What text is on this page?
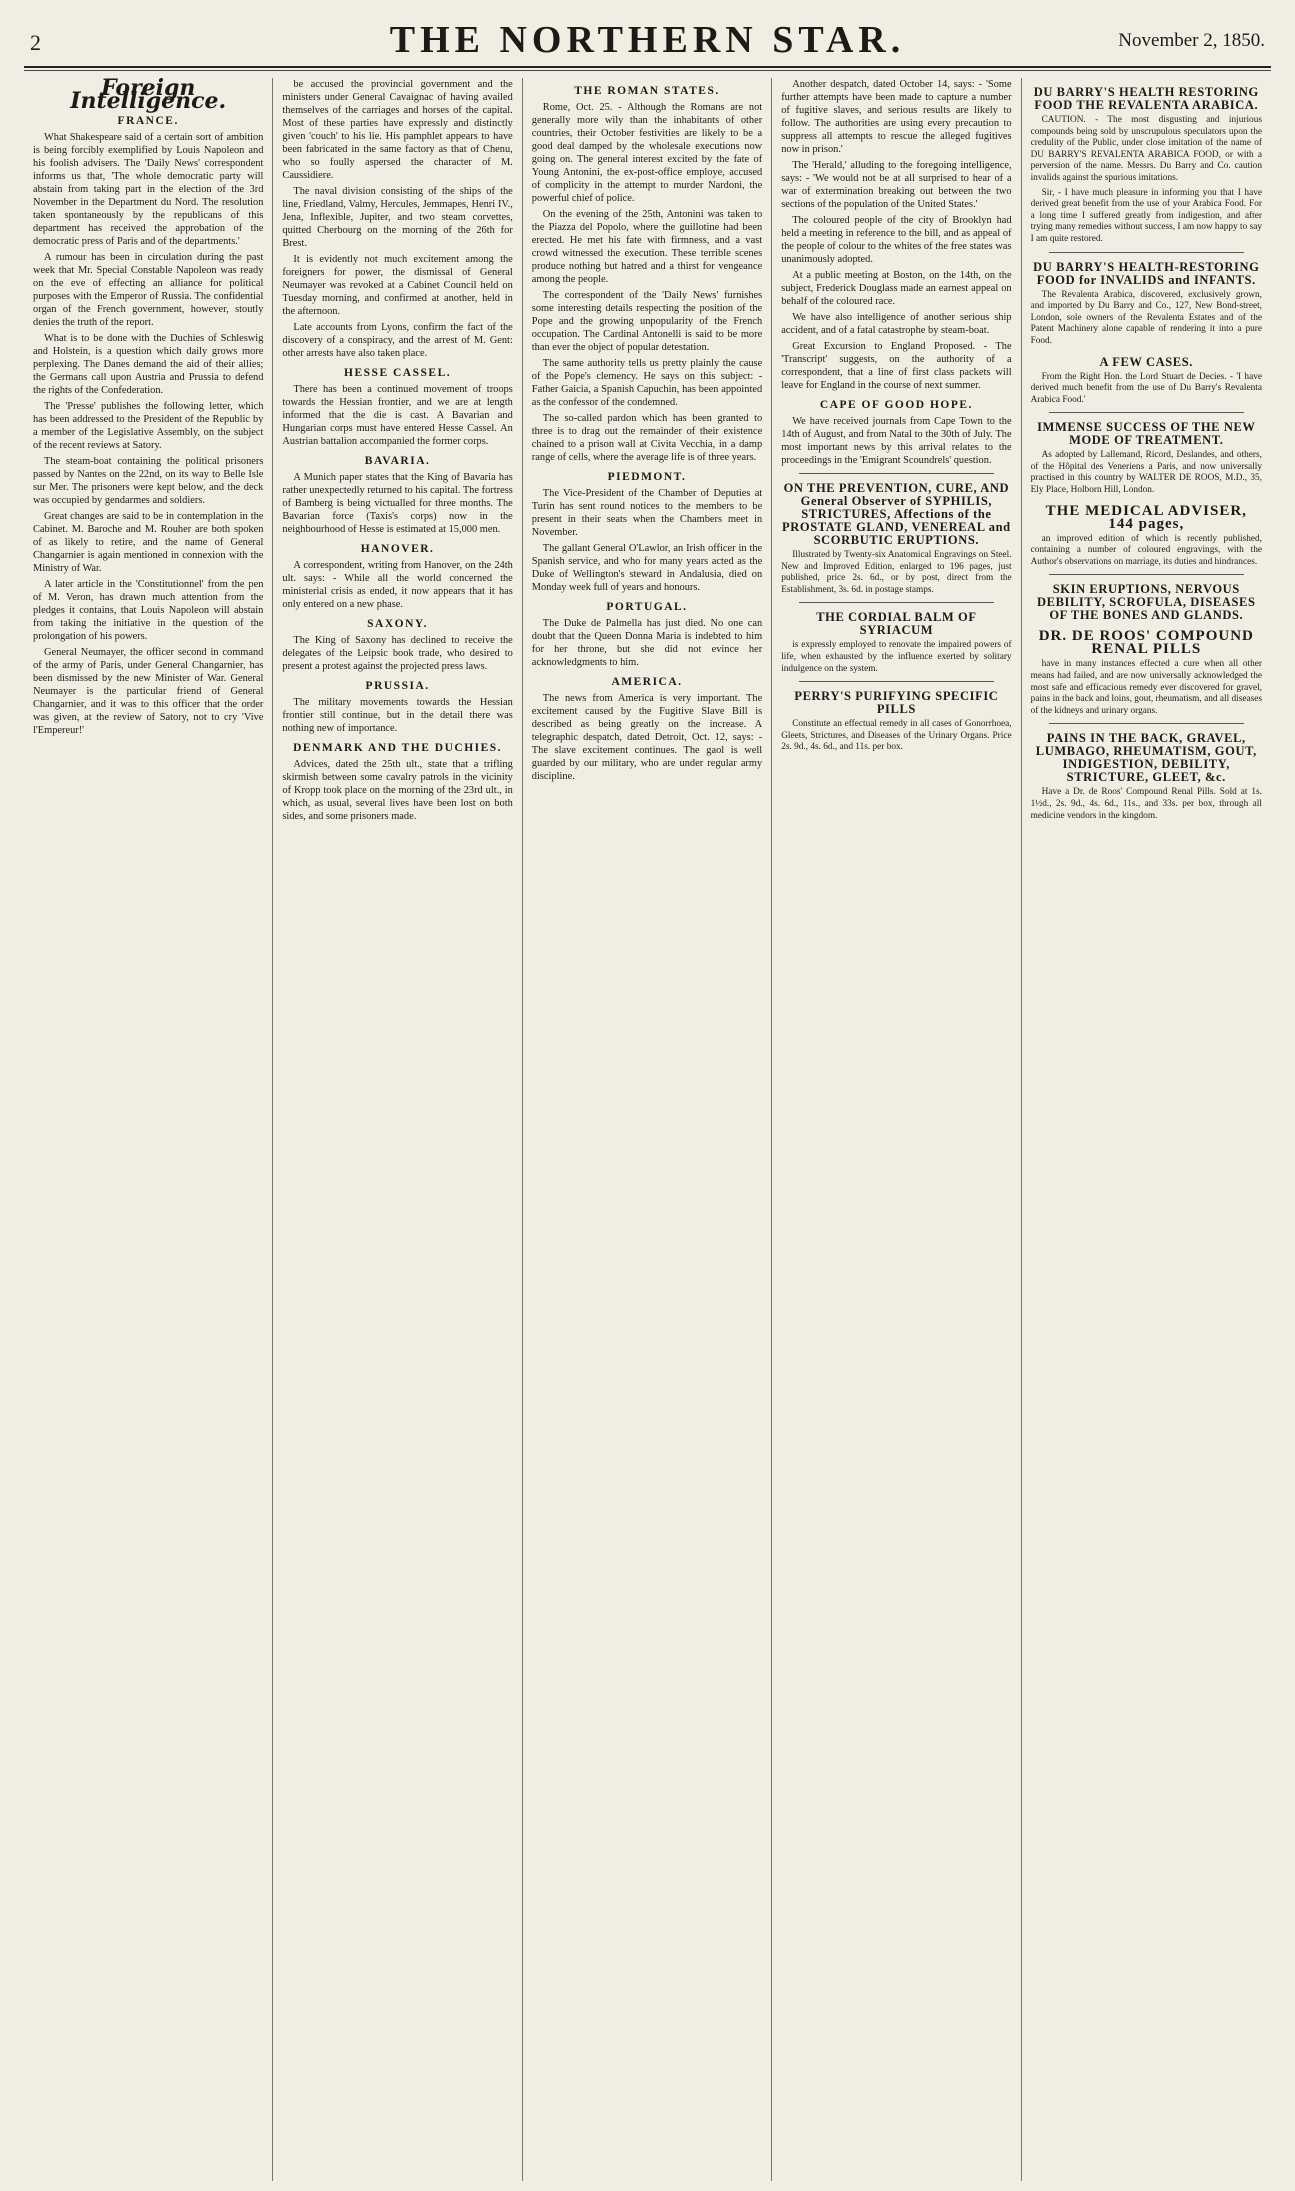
2	THE NORTHERN STAR.	November 2, 1850.
Foreign Intelligence.
FRANCE.

What Shakespeare said of a certain sort of ambition is being forcibly exemplified by Louis Napoleon and his foolish advisers. The 'Daily News' correspondent informs us that, 'The whole democratic party will abstain from taking part in the election of the 3rd November in the Department du Nord. The resolution taken spontaneously by the republicans of this department has received the approbation of the democratic press of Paris and of the departments.'

A rumour has been in circulation during the past week that Mr. Special Constable Napoleon was ready on the eve of effecting an alliance for political purposes with the Emperor of Russia. The confidential organ of the French government, however, stoutly denies the truth of the report.

What is to be done with the Duchies of Schleswig and Holstein, is a question which daily grows more perplexing. The Danes demand the aid of their allies; the Germans call upon Austria and Prussia to defend the rights of the Confederation.

The 'Presse' publishes the following letter, which has been addressed to the President of the Republic by a member of the Legislative Assembly, on the subject of the recent reviews at Satory.

The steam-boat containing the political prisoners passed by Nantes on the 22nd, on its way to Belle Isle sur Mer. The prisoners were kept below, and the deck was occupied by gendarmes and soldiers.

Great changes are said to be in contemplation in the Cabinet. M. Baroche and M. Rouher are both spoken of as likely to retire, and the name of General Changarnier is again mentioned in connexion with the Ministry of War.

A later article in the 'Constitutionnel' from the pen of M. Veron, has drawn much attention from the pledges it contains, that Louis Napoleon will abstain from taking the initiative in the question of the prolongation of his powers.

General Neumayer, the officer second in command of the army of Paris, under General Changarnier, has been dismissed by the new Minister of War. General Neumayer is the particular friend of General Changarnier, and it was to this officer that the order was given, at the review of Satory, not to cry 'Vive l'Empereur!'

be accused the provincial government and the ministers under General Cavaignac of having availed themselves of the carriages and horses of the capital. Most of these parties have expressly and distinctly given 'couch' to his lie. His pamphlet appears to have been fabricated in the same factory as that of Chenu, who so foully aspersed the character of M. Caussidiere.

The naval division consisting of the ships of the line, Friedland, Valmy, Hercules, Jemmapes, Henri IV., Jena, Inflexible, Jupiter, and two steam corvettes, quitted Cherbourg on the morning of the 26th for Brest.

It is evidently not much excitement among the foreigners for power, the dismissal of General Neumayer was revoked at a Cabinet Council held on Tuesday morning, and confirmed at another, held in the afternoon.

Late accounts from Lyons, confirm the fact of the discovery of a conspiracy, and the arrest of M. Gent: other arrests have also taken place.

HESSE CASSEL.

There has been a continued movement of troops towards the Hessian frontier, and we are at length informed that the die is cast. A Bavarian and Hungarian corps must have entered Hesse Cassel. An Austrian battalion accompanied the former corps.

BAVARIA.

A Munich paper states that the King of Bavaria has rather unexpectedly returned to his capital. The fortress of Bamberg is being victualled for three months. The Bavarian force (Taxis's corps) now in the neighbourhood of Hesse is estimated at 15,000 men.

HANOVER.

A correspondent, writing from Hanover, on the 24th ult. says: - While all the world concerned the ministerial crisis as ended, it now appears that it has only entered on a new phase.

SAXONY.

The King of Saxony has declined to receive the delegates of the Leipsic book trade, who desired to present a protest against the projected press laws.

PRUSSIA.

The military movements towards the Hessian frontier still continue, but in the detail there was nothing new of importance.

DENMARK AND THE DUCHIES.

Advices, dated the 25th ult., state that a trifling skirmish between some cavalry patrols in the vicinity of Kropp took place on the morning of the 23rd ult., in which, as usual, several lives have been lost on both sides, and some prisoners made.

THE ROMAN STATES.

Rome, Oct. 25. - Although the Romans are not generally more wily than the inhabitants of other countries, their October festivities are likely to be a good deal damped by the wholesale executions now going on. The general interest excited by the fate of Young Antonini, the ex-post-office employe, accused of complicity in the attempt to murder Nardoni, the powerful chief of police.

On the evening of the 25th, Antonini was taken to the Piazza del Popolo, where the guillotine had been erected. He met his fate with firmness, and a vast crowd witnessed the execution. These terrible scenes produce nothing but hatred and a thirst for vengeance among the people.

The correspondent of the 'Daily News' furnishes some interesting details respecting the position of the Pope and the growing unpopularity of the French occupation. The Cardinal Antonelli is said to be more than ever the object of popular detestation.

The same authority tells us pretty plainly the cause of the Pope's clemency. He says on this subject: - Father Gaicia, a Spanish Capuchin, has been appointed as the confessor of the condemned.

The so-called pardon which has been granted to three is to drag out the remainder of their existence chained to a prison wall at Civita Vecchia, in a damp range of cells, where the average life is of three years.

PIEDMONT.

The Vice-President of the Chamber of Deputies at Turin has sent round notices to the members to be present in their seats when the Chambers meet in November.

The gallant General O'Lawlor, an Irish officer in the Spanish service, and who for many years acted as the Duke of Wellington's steward in Andalusia, died on Monday week full of years and honours.

PORTUGAL.

The Duke de Palmella has just died. No one can doubt that the Queen Donna Maria is indebted to him for her throne, but she did not evince her acknowledgments to him.

AMERICA.

The news from America is very important. The excitement caused by the Fugitive Slave Bill is described as being greatly on the increase. A telegraphic despatch, dated Detroit, Oct. 12, says: - The slave excitement continues. The gaol is well guarded by our military, who are under regular army discipline.

Another despatch, dated October 14, says: - 'Some further attempts have been made to capture a number of fugitive slaves, and serious results are likely to follow. The authorities are using every precaution to suppress all attempts to rescue the alleged fugitives now in prison.'

The 'Herald,' alluding to the foregoing intelligence, says: - 'We would not be at all surprised to hear of a war of extermination breaking out between the two sections of the population of the United States.'

The coloured people of the city of Brooklyn had held a meeting in reference to the bill, and as appeal of the people of colour to the whites of the free states was unanimously adopted.

At a public meeting at Boston, on the 14th, on the subject, Frederick Douglass made an earnest appeal on behalf of the coloured race.

We have also intelligence of another serious ship accident, and of a fatal catastrophe by steam-boat.

Great Excursion to England Proposed. - The 'Transcript' suggests, on the authority of a correspondent, that a line of first class packets will leave for England in the course of next summer.

CAPE OF GOOD HOPE.

We have received journals from Cape Town to the 14th of August, and from Natal to the 30th of July. The most important news by this arrival relates to the proceedings in the 'Emigrant Scoundrels' question.

ON THE PREVENTION, CURE, AND General Observer of SYPHILIS, STRICTURES, Affections of the PROSTATE GLAND, VENEREAL and SCORBUTIC ERUPTIONS.

Illustrated by Twenty-six Anatomical Engravings on Steel. New and Improved Edition, enlarged to 196 pages, just published, price 2s. 6d., or by post, direct from the Establishment, 3s. 6d. in postage stamps.

THE CORDIAL BALM OF SYRIACUM

is expressly employed to renovate the impaired powers of life, when exhausted by the influence exerted by solitary indulgence on the system.

PERRY'S PURIFYING SPECIFIC PILLS

Constitute an effectual remedy in all cases of Gonorrhoea, Gleets, Strictures, and Diseases of the Urinary Organs. Price 2s. 9d., 4s. 6d., and 11s. per box.

DU BARRY'S HEALTH RESTORING FOOD THE REVALENTA ARABICA.

CAUTION. - The most disgusting and injurious compounds being sold by unscrupulous speculators upon the credulity of the Public, under close imitation of the name of DU BARRY'S REVALENTA ARABICA FOOD, or with a perversion of the name. Messrs. Du Barry and Co. caution invalids against the spurious imitations.

Sir, - I have much pleasure in informing you that I have derived great benefit from the use of your Arabica Food. For a long time I suffered greatly from indigestion, and after trying many remedies without success, I am now happy to say I am quite restored.

DU BARRY'S HEALTH-RESTORING FOOD for INVALIDS and INFANTS.

The Revalenta Arabica, discovered, exclusively grown, and imported by Du Barry and Co., 127, New Bond-street, London, sole owners of the Revalenta Estates and of the Patent Machinery alone capable of rendering it into a pure Food.

A FEW CASES.

From the Right Hon. the Lord Stuart de Decies. - 'I have derived much benefit from the use of Du Barry's Revalenta Arabica Food.'

IMMENSE SUCCESS OF THE NEW MODE OF TREATMENT.

As adopted by Lallemand, Ricord, Deslandes, and others, of the Hôpital des Veneriens a Paris, and now universally practised in this country by WALTER DE ROOS, M.D., 35, Ely Place, Holborn Hill, London.

THE MEDICAL ADVISER, 144 pages,

an improved edition of which is recently published, containing a number of coloured engravings, with the Author's observations on marriage, its duties and hindrances.

SKIN ERUPTIONS, NERVOUS DEBILITY, SCROFULA, DISEASES OF THE BONES AND GLANDS.
DR. DE ROOS' COMPOUND RENAL PILLS

have in many instances effected a cure when all other means had failed, and are now universally acknowledged the most safe and efficacious remedy ever discovered for gravel, pains in the back and loins, gout, rheumatism, and all diseases of the kidneys and urinary organs.

PAINS IN THE BACK, GRAVEL, LUMBAGO, RHEUMATISM, GOUT, INDIGESTION, DEBILITY, STRICTURE, GLEET, &c.

Have a Dr. de Roos' Compound Renal Pills. Sold at 1s. 1½d., 2s. 9d., 4s. 6d., 11s., and 33s. per box, through all medicine vendors in the kingdom.
